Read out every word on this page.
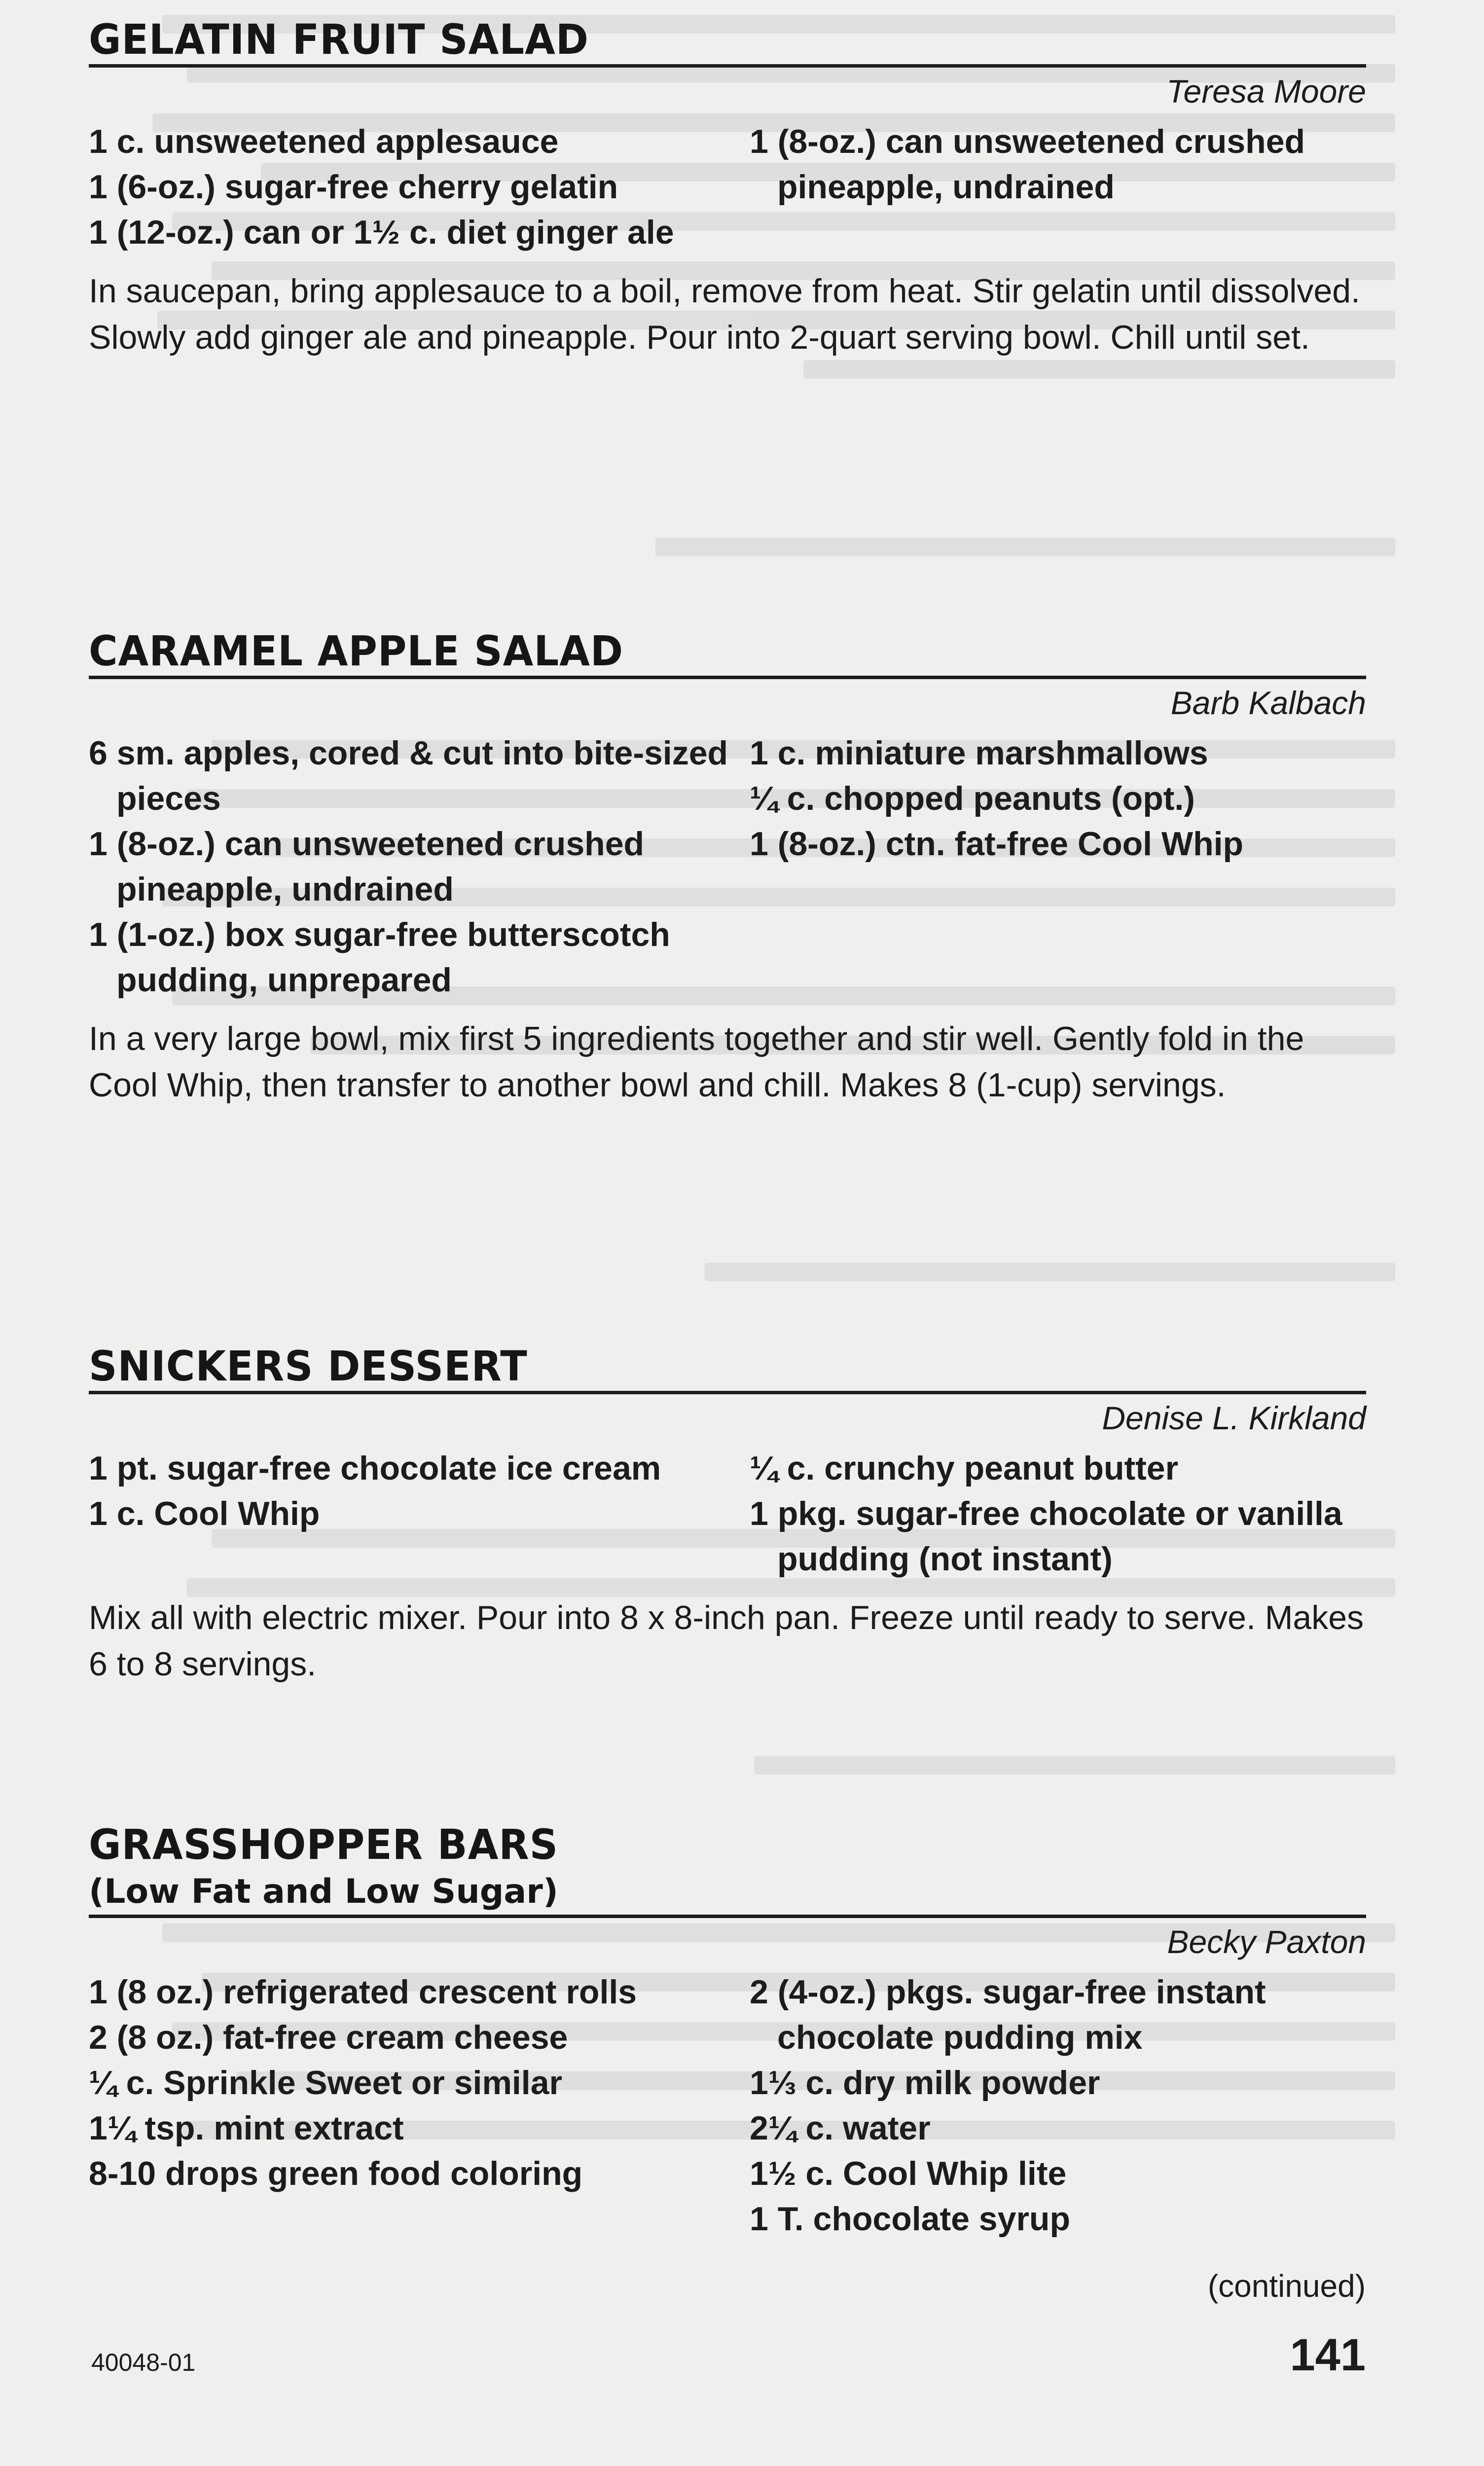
GELATIN FRUIT SALAD
Teresa Moore
1 c. unsweetened applesauce
1 (6-oz.) sugar-free cherry gelatin
1 (12-oz.) can or 1½ c. diet ginger ale
1 (8-oz.) can unsweetened crushed pineapple, undrained
In saucepan, bring applesauce to a boil, remove from heat. Stir gelatin until dissolved. Slowly add ginger ale and pineapple. Pour into 2-quart serving bowl. Chill until set.
CARAMEL APPLE SALAD
Barb Kalbach
6 sm. apples, cored & cut into bite-sized pieces
1 (8-oz.) can unsweetened crushed pineapple, undrained
1 (1-oz.) box sugar-free butterscotch pudding, unprepared
1 c. miniature marshmallows
¼ c. chopped peanuts (opt.)
1 (8-oz.) ctn. fat-free Cool Whip
In a very large bowl, mix first 5 ingredients together and stir well. Gently fold in the Cool Whip, then transfer to another bowl and chill. Makes 8 (1-cup) servings.
SNICKERS DESSERT
Denise L. Kirkland
1 pt. sugar-free chocolate ice cream
1 c. Cool Whip
¼ c. crunchy peanut butter
1 pkg. sugar-free chocolate or vanilla pudding (not instant)
Mix all with electric mixer. Pour into 8 x 8-inch pan. Freeze until ready to serve. Makes 6 to 8 servings.
GRASSHOPPER BARS
(Low Fat and Low Sugar)
Becky Paxton
1 (8 oz.) refrigerated crescent rolls
2 (8 oz.) fat-free cream cheese
¼ c. Sprinkle Sweet or similar
1¼ tsp. mint extract
8-10 drops green food coloring
2 (4-oz.) pkgs. sugar-free instant chocolate pudding mix
1⅓ c. dry milk powder
2¼ c. water
1½ c. Cool Whip lite
1 T. chocolate syrup
(continued)
40048-01	141
